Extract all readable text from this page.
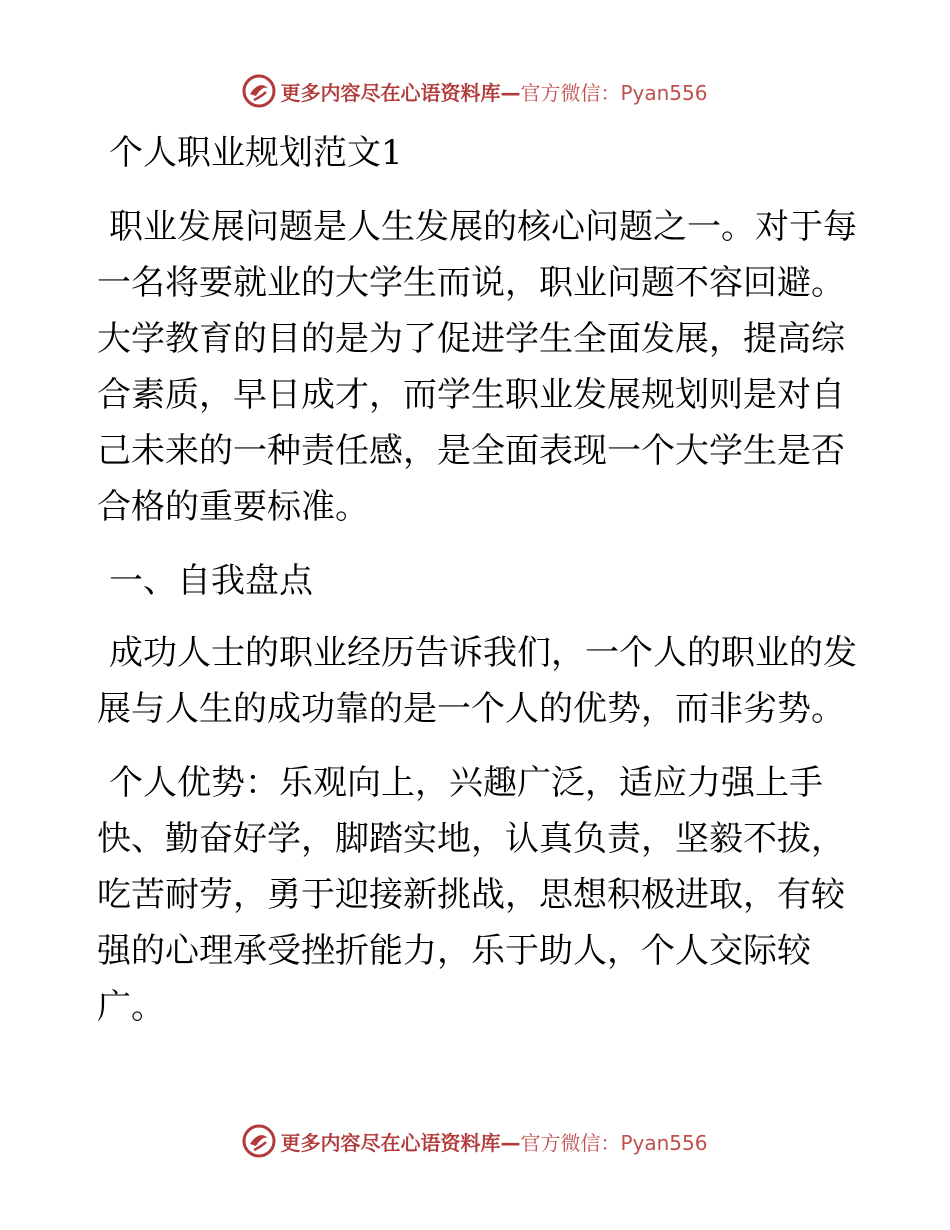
更多内容尽在心语资料库— 官方微信：Pyan556

个人职业规划范文1

职业发展问题是人生发展的核心问题之一。对于每一名将要就业的大学生而说，职业问题不容回避。大学教育的目的是为了促进学生全面发展，提高综合素质，早日成才，而学生职业发展规划则是对自己未来的一种责任感，是全面表现一个大学生是否合格的重要标准。

一、自我盘点

成功人士的职业经历告诉我们，一个人的职业的发展与人生的成功靠的是一个人的优势，而非劣势。

个人优势：乐观向上，兴趣广泛，适应力强上手快、勤奋好学，脚踏实地，认真负责，坚毅不拔，吃苦耐劳，勇于迎接新挑战，思想积极进取，有较强的心理承受挫折能力，乐于助人，个人交际较广。

更多内容尽在心语资料库— 官方微信：Pyan556
